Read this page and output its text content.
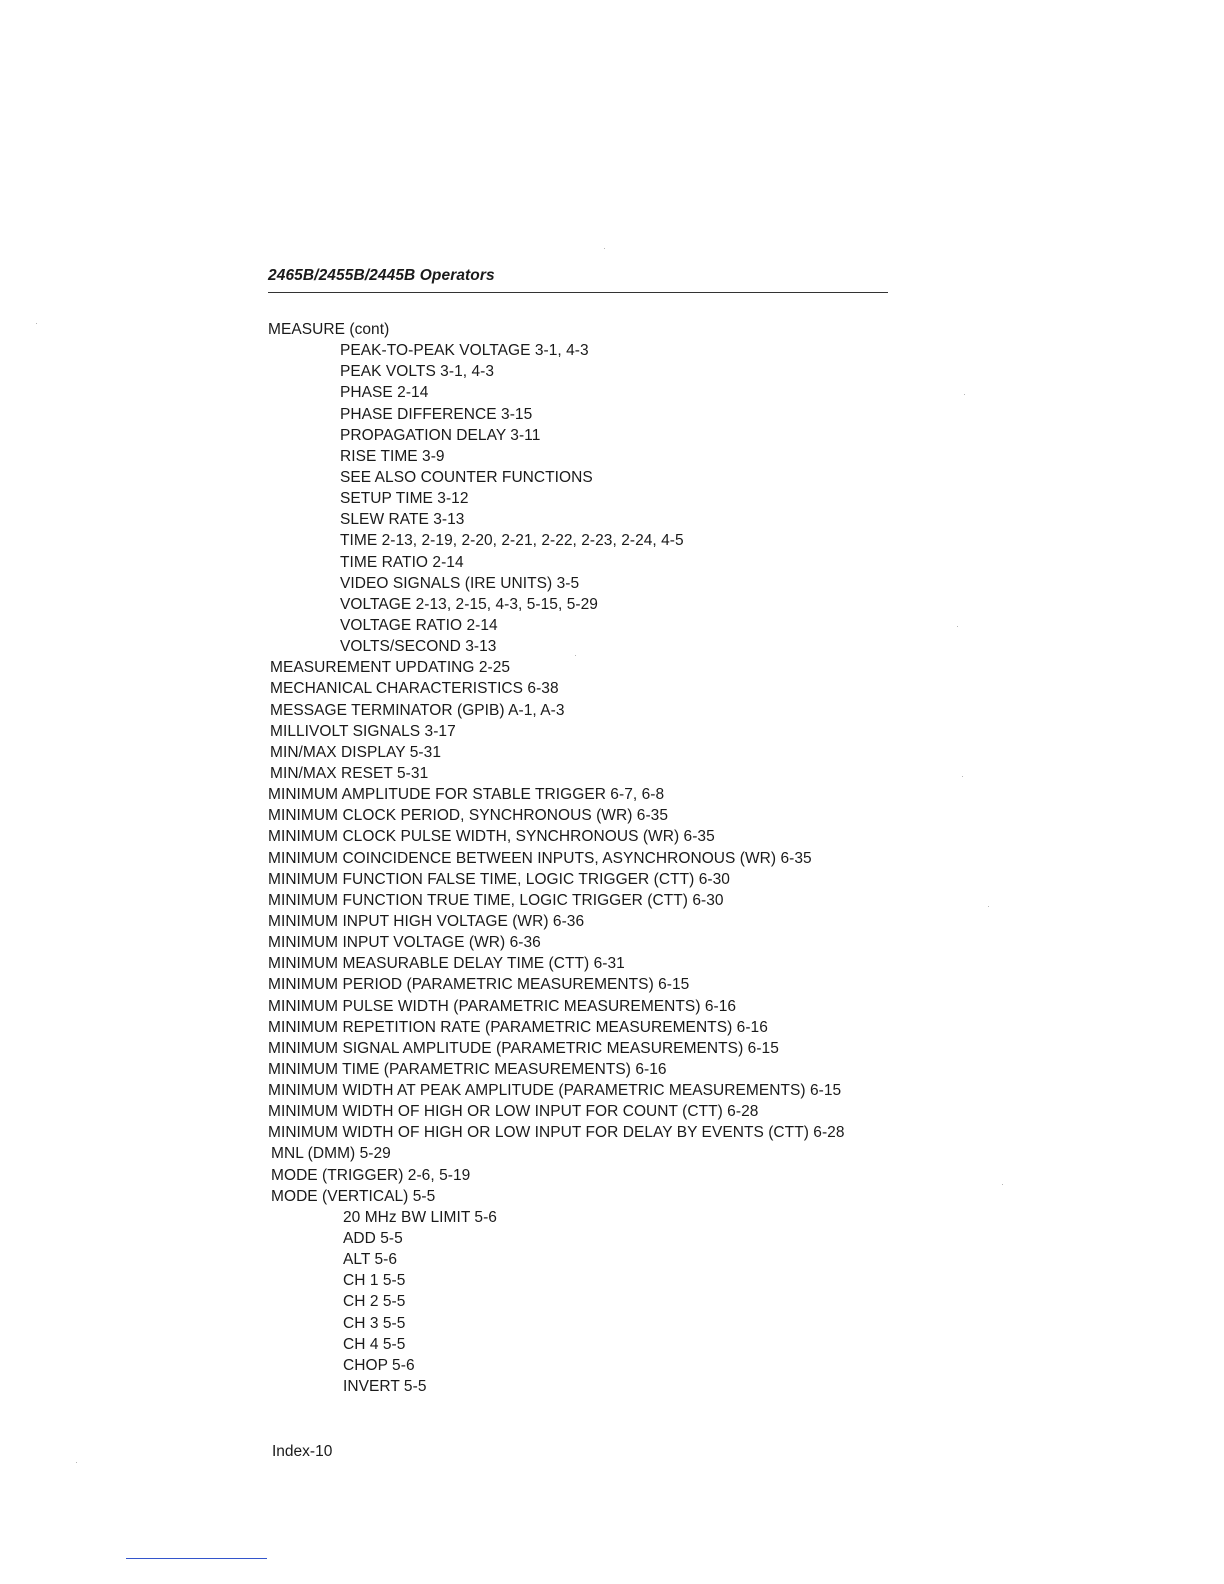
2465B/2455B/2445B Operators
MEASURE (cont)
PEAK-TO-PEAK VOLTAGE 3-1, 4-3
PEAK VOLTS 3-1, 4-3
PHASE 2-14
PHASE DIFFERENCE 3-15
PROPAGATION DELAY 3-11
RISE TIME 3-9
SEE ALSO COUNTER FUNCTIONS
SETUP TIME 3-12
SLEW RATE 3-13
TIME 2-13, 2-19, 2-20, 2-21, 2-22, 2-23, 2-24, 4-5
TIME RATIO 2-14
VIDEO SIGNALS (IRE UNITS) 3-5
VOLTAGE 2-13, 2-15, 4-3, 5-15, 5-29
VOLTAGE RATIO 2-14
VOLTS/SECOND 3-13
MEASUREMENT UPDATING 2-25
MECHANICAL CHARACTERISTICS 6-38
MESSAGE TERMINATOR (GPIB) A-1, A-3
MILLIVOLT SIGNALS 3-17
MIN/MAX DISPLAY 5-31
MIN/MAX RESET 5-31
MINIMUM AMPLITUDE FOR STABLE TRIGGER 6-7, 6-8
MINIMUM CLOCK PERIOD, SYNCHRONOUS (WR) 6-35
MINIMUM CLOCK PULSE WIDTH, SYNCHRONOUS (WR) 6-35
MINIMUM COINCIDENCE BETWEEN INPUTS, ASYNCHRONOUS (WR) 6-35
MINIMUM FUNCTION FALSE TIME, LOGIC TRIGGER (CTT) 6-30
MINIMUM FUNCTION TRUE TIME, LOGIC TRIGGER (CTT) 6-30
MINIMUM INPUT HIGH VOLTAGE (WR) 6-36
MINIMUM INPUT VOLTAGE (WR) 6-36
MINIMUM MEASURABLE DELAY TIME (CTT) 6-31
MINIMUM PERIOD (PARAMETRIC MEASUREMENTS) 6-15
MINIMUM PULSE WIDTH (PARAMETRIC MEASUREMENTS) 6-16
MINIMUM REPETITION RATE (PARAMETRIC MEASUREMENTS) 6-16
MINIMUM SIGNAL AMPLITUDE (PARAMETRIC MEASUREMENTS) 6-15
MINIMUM TIME (PARAMETRIC MEASUREMENTS) 6-16
MINIMUM WIDTH AT PEAK AMPLITUDE (PARAMETRIC MEASUREMENTS) 6-15
MINIMUM WIDTH OF HIGH OR LOW INPUT FOR COUNT (CTT) 6-28
MINIMUM WIDTH OF HIGH OR LOW INPUT FOR DELAY BY EVENTS (CTT) 6-28
MNL (DMM) 5-29
MODE (TRIGGER) 2-6, 5-19
MODE (VERTICAL) 5-5
20 MHz BW LIMIT 5-6
ADD 5-5
ALT 5-6
CH 1 5-5
CH 2 5-5
CH 3 5-5
CH 4 5-5
CHOP 5-6
INVERT 5-5
Index-10
